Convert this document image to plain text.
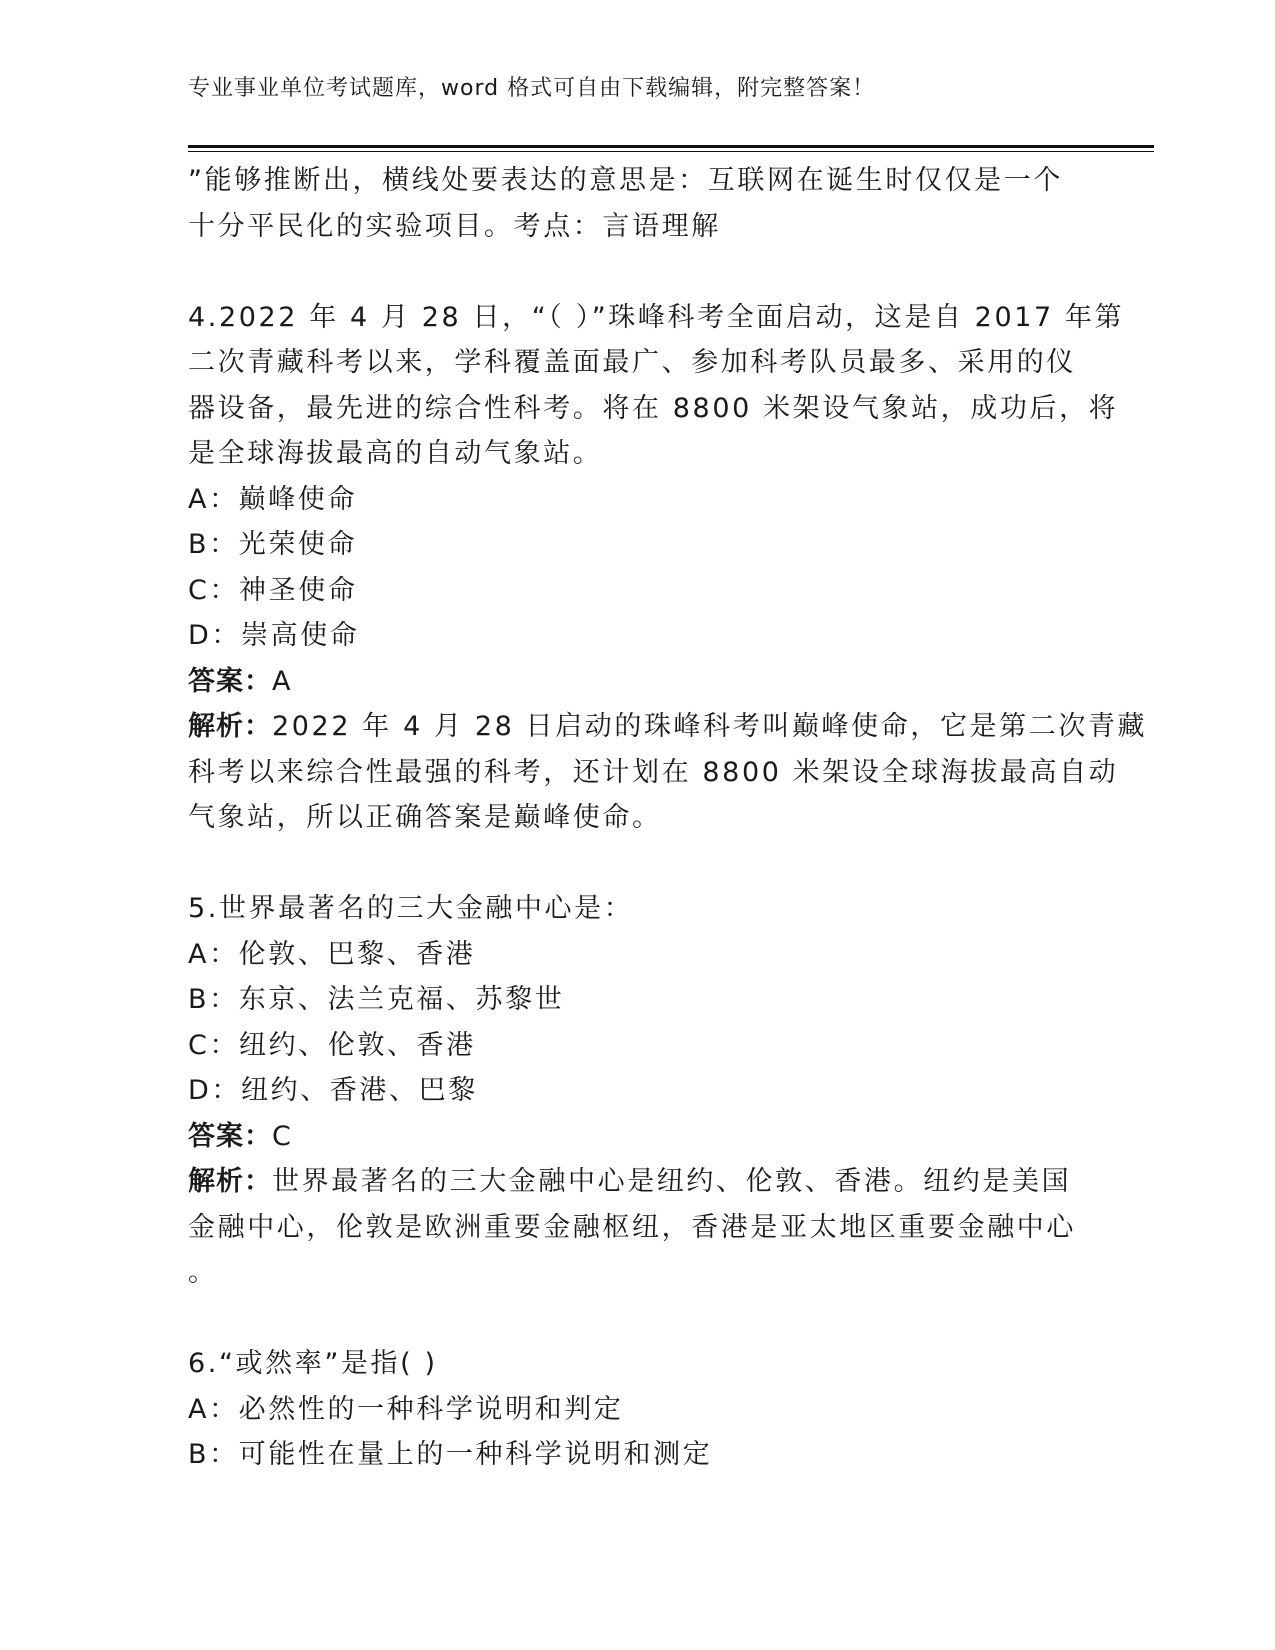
专业事业单位考试题库，word 格式可自由下载编辑，附完整答案！
”能够推断出，横线处要表达的意思是：互联网在诞生时仅仅是一个
十分平民化的实验项目。考点：言语理解
4.2022 年 4 月 28 日，“（ ）”珠峰科考全面启动，这是自 2017 年第
二次青藏科考以来，学科覆盖面最广、参加科考队员最多、采用的仪
器设备，最先进的综合性科考。将在 8800 米架设气象站，成功后，将
是全球海拔最高的自动气象站。
A：巅峰使命
B：光荣使命
C：神圣使命
D：崇高使命
答案：A
解析：2022 年 4 月 28 日启动的珠峰科考叫巅峰使命，它是第二次青藏
科考以来综合性最强的科考，还计划在 8800 米架设全球海拔最高自动
气象站，所以正确答案是巅峰使命。
5.世界最著名的三大金融中心是：
A：伦敦、巴黎、香港
B：东京、法兰克福、苏黎世
C：纽约、伦敦、香港
D：纽约、香港、巴黎
答案：C
解析：世界最著名的三大金融中心是纽约、伦敦、香港。纽约是美国
金融中心，伦敦是欧洲重要金融枢纽，香港是亚太地区重要金融中心
。
6.“或然率”是指( )
A：必然性的一种科学说明和判定
B：可能性在量上的一种科学说明和测定
